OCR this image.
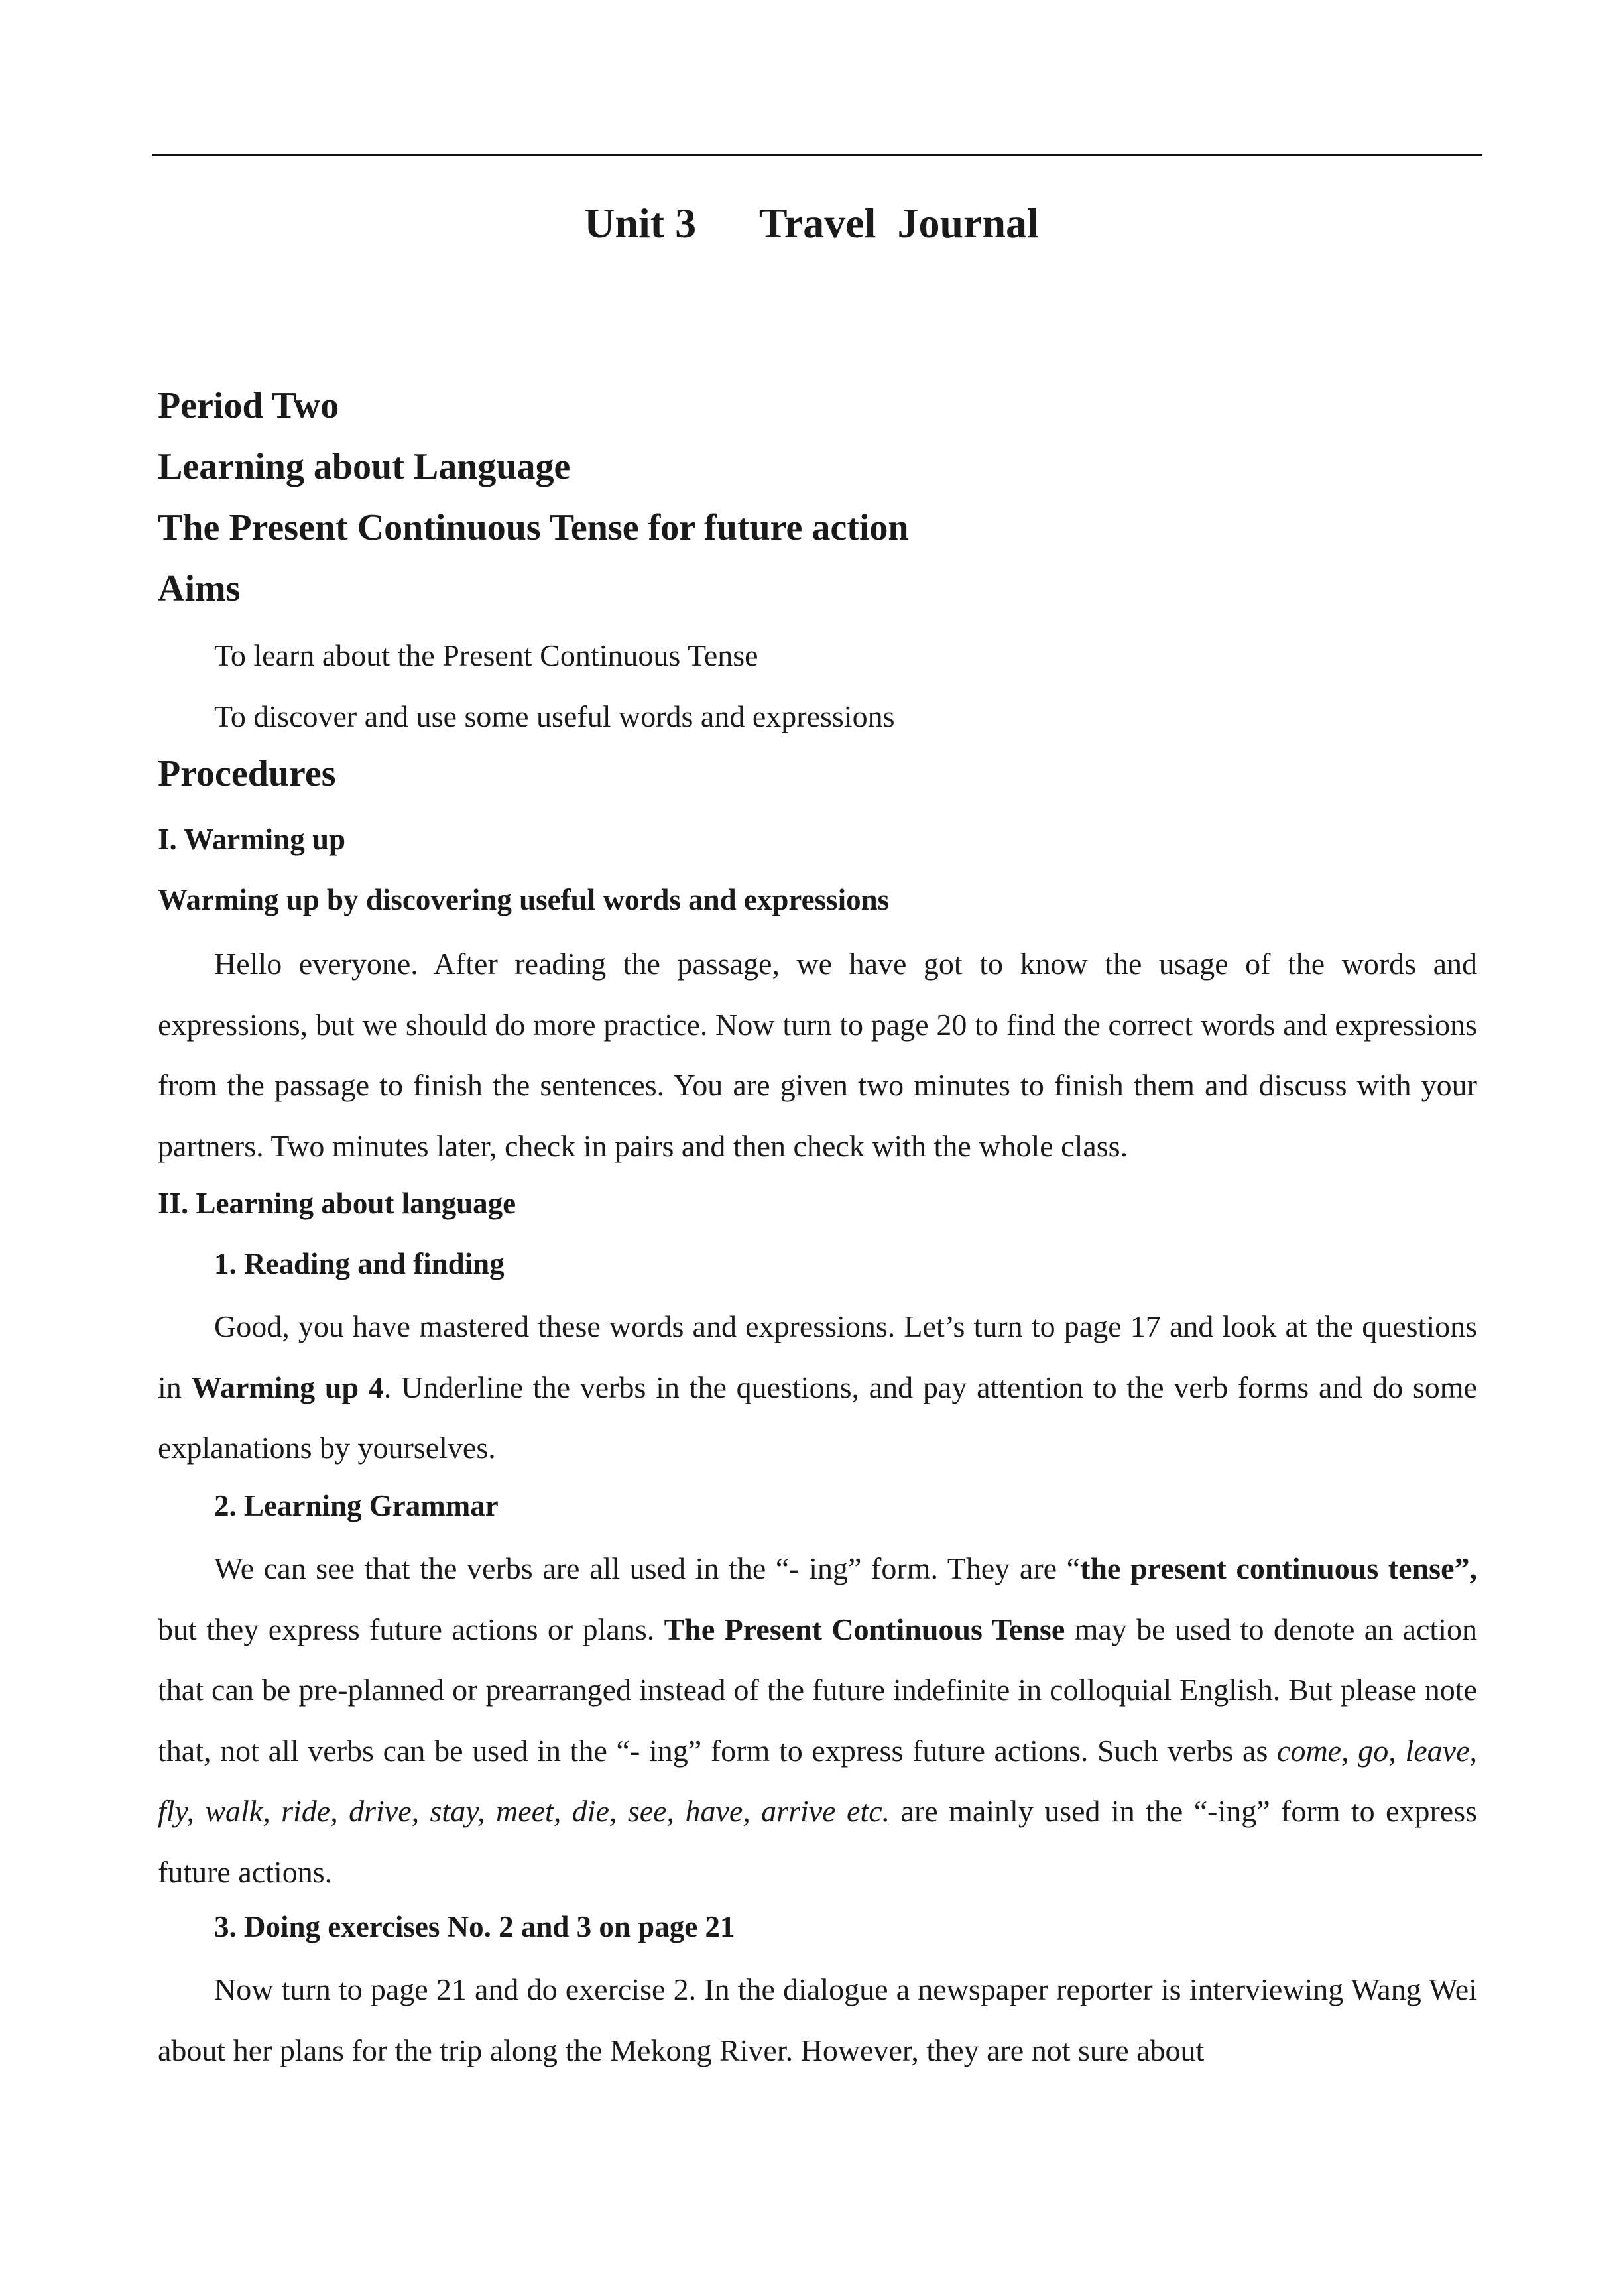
Unit 3      Travel  Journal
Period Two
Learning about Language
The Present Continuous Tense for future action
Aims
To learn about the Present Continuous Tense
To discover and use some useful words and expressions
Procedures
I. Warming up
Warming up by discovering useful words and expressions

Hello everyone. After reading the passage, we have got to know the usage of the words and expressions, but we should do more practice. Now turn to page 20 to find the correct words and expressions from the passage to finish the sentences. You are given two minutes to finish them and discuss with your partners. Two minutes later, check in pairs and then check with the whole class.

II. Learning about language
1. Reading and finding

Good, you have mastered these words and expressions. Let’s turn to page 17 and look at the questions in Warming up 4. Underline the verbs in the questions, and pay attention to the verb forms and do some explanations by yourselves.

2. Learning Grammar

We can see that the verbs are all used in the “- ing” form. They are “the present continuous tense”, but they express future actions or plans. The Present Continuous Tense may be used to denote an action that can be pre-planned or prearranged instead of the future indefinite in colloquial English. But please note that, not all verbs can be used in the “- ing” form to express future actions. Such verbs as come, go, leave, fly, walk, ride, drive, stay, meet, die, see, have, arrive etc. are mainly used in the “-ing” form to express future actions.

3. Doing exercises No. 2 and 3 on page 21

Now turn to page 21 and do exercise 2. In the dialogue a newspaper reporter is interviewing Wang Wei about her plans for the trip along the Mekong River. However, they are not sure about
